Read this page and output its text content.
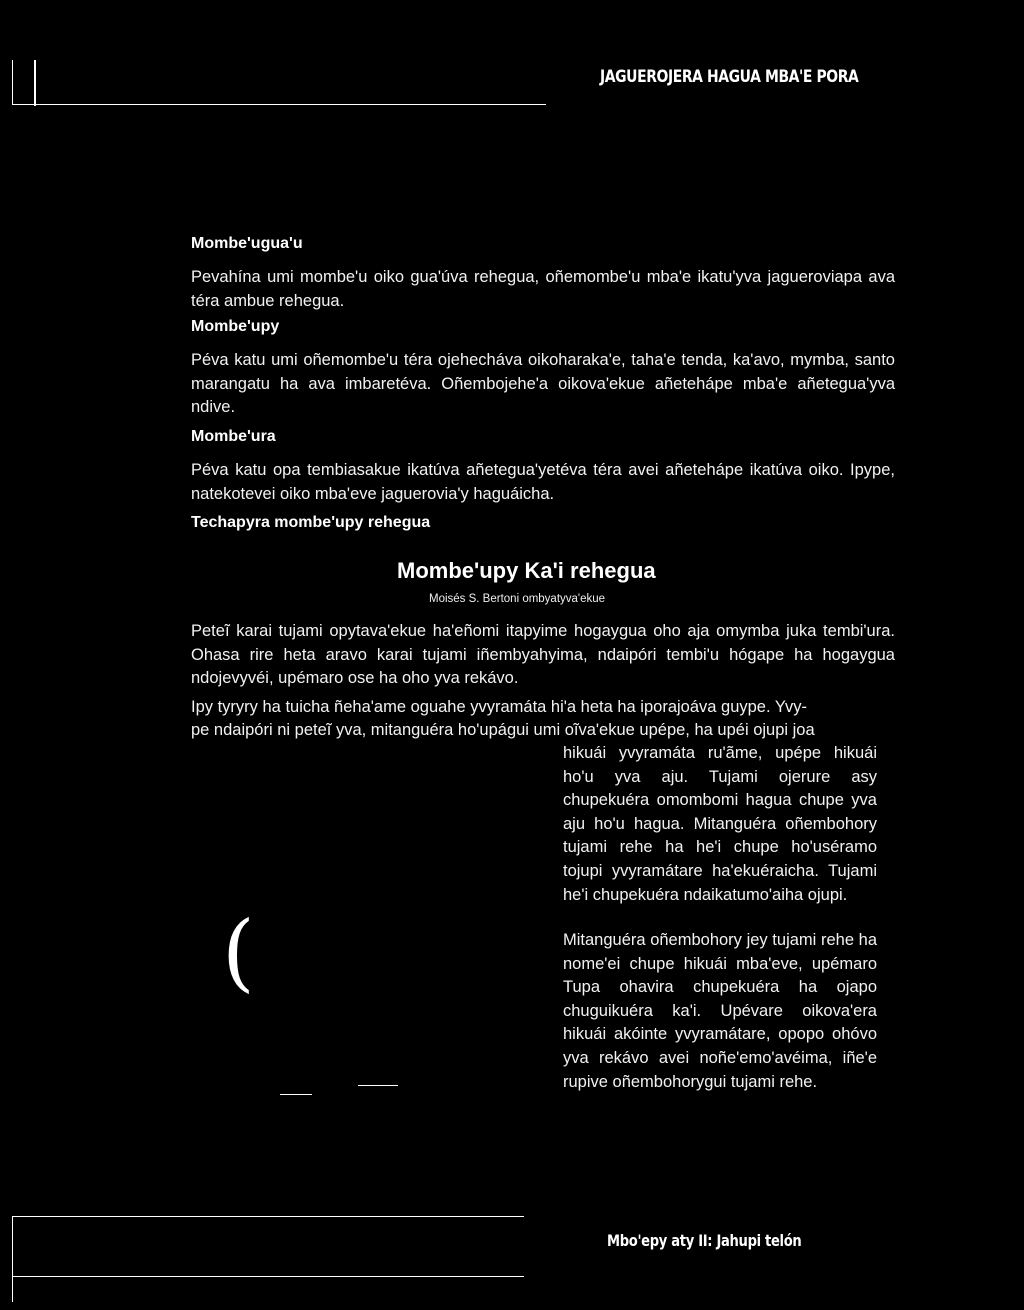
JAGUEROJERA HAGUA MBA'E PORA
Mombe'ugua'u
Pevahína umi mombe'u oiko gua'úva rehegua, oñemombe'u mba'e ikatu'yva jagueroviapa ava téra ambue rehegua.
Mombe'upy
Péva katu umi oñemombe'u téra ojehecháva oikoharaka'e, taha'e tenda, ka'avo, mymba, santo marangatu ha ava imbaretéva. Oñembojehe'a oikova'ekue añeteháре mba'e añetegua'yva ndive.
Mombe'ura
Péva katu opa tembiasakue ikatúva añetegua'yetéva téra avei añeteháре ikatúva oiko. Ipype, natekotevei oiko mba'eve jaguerovia'y haguáicha.
Techapyra mombe'upy rehegua
Mombe'upy Ka'i rehegua
Moisés S. Bertoni ombyatyva'ekue
Peteĩ karai tujami opytava'ekue ha'eñomi itapyime hogaygua oho aja omymba juka tembi'ura. Ohasa rire heta aravo karai tujami iñembyahyima, ndaipóri tembi'u hógape ha hogaygua ndojevyvéi, upémaro ose ha oho yva rekávo.
Ipy tyryry ha tuicha ñeha'ame oguahe yvyramáta hi'a heta ha iporajoáva guype. Yvy-
pe ndaipóri ni peteĩ yva, mitanguéra ho'upágui umi oĩva'ekue upépe, ha upéi ojupi joa
hikuái yvyramáta ru'ãme, upépe hikuái ho'u yva aju. Tujami ojerure asy chupekuéra omombomi hagua chupe yva aju ho'u hagua. Mitanguéra oñembohory tujami rehe ha he'i chupe ho'uséramo tojupi yvyramátare ha'ekuéraicha. Tujami he'i chupekuéra ndaikatumo'aiha ojupi.
Mitanguéra oñembohory jey tujami rehe ha nome'ei chupe hikuái mba'eve, upémaro Tupa ohavira chupekuéra ha ojapo chuguikuéra ka'i. Upévare oikova'era hikuái akóinte yvyramátare, opopo ohóvo yva rekávo avei noñe'emo'avéima, iñe'e rupive oñembohorygui tujami rehe.
(
Mbo'epy aty II: Jahupi telón
